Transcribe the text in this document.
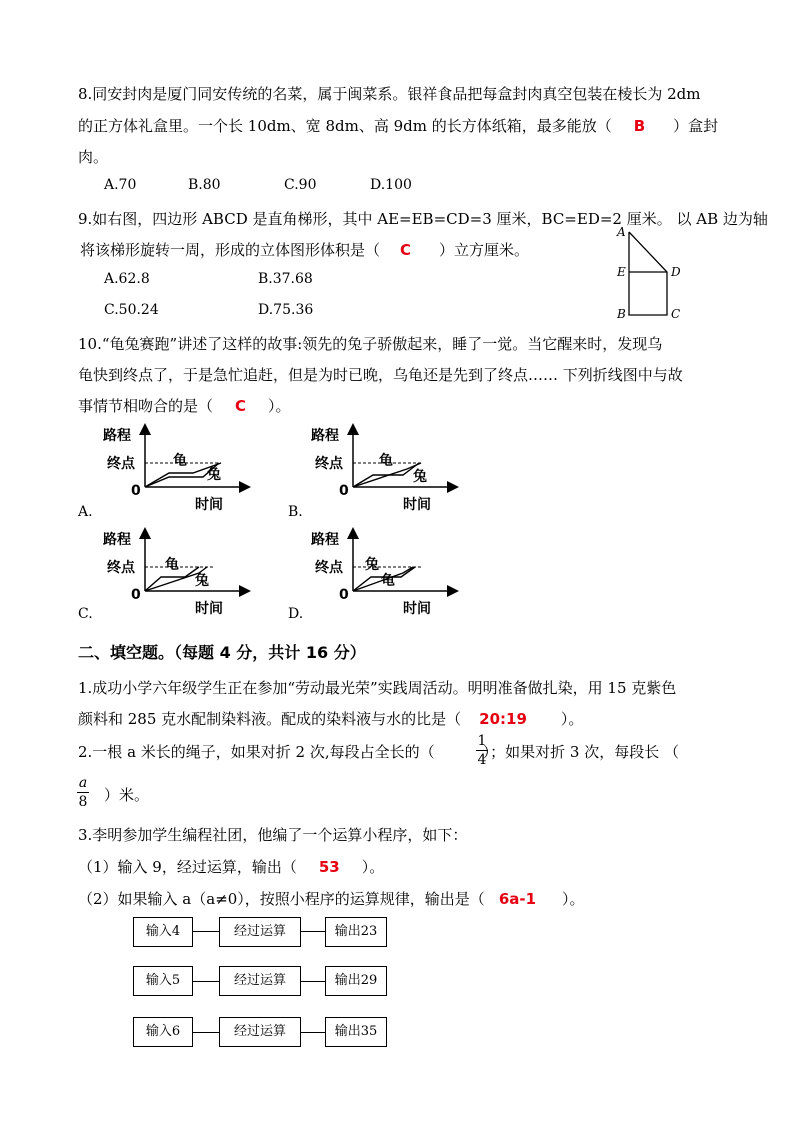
8.同安封肉是厦门同安传统的名菜，属于闽菜系。银祥食品把每盒封肉真空包装在棱长为 2dm
的正方体礼盒里。一个长 10dm、宽 8dm、高 9dm 的长方体纸箱，最多能放（ B ）盒封
肉。
A.70	B.80	C.90	D.100
9.如右图，四边形 ABCD 是直角梯形，其中 AE=EB=CD=3 厘米，BC=ED=2 厘米。 以 AB 边为轴
将该梯形旋转一周，形成的立体图形体积是（ C ）立方厘米。
A.62.8	B.37.68
C.50.24	D.75.36
A
E
B
D
C
10.“龟兔赛跑”讲述了这样的故事:领先的兔子骄傲起来，睡了一觉。当它醒来时，发现乌
龟快到终点了，于是急忙追赶，但是为时已晚，乌龟还是先到了终点…… 下列折线图中与故
事情节相吻合的是（ C ）。
路程
终点
0
时间
龟
兔
A.
路程
终点
0
时间
龟
兔
B.
路程
终点
0
时间
龟
兔
C.
路程
终点
0
时间
兔
龟
D.
二、填空题。（每题 4 分，共计 16 分）
1.成功小学六年级学生正在参加“劳动最光荣”实践周活动。明明准备做扎染，用 15 克紫色
颜料和 285 克水配制染料液。配成的染料液与水的比是（ 20:19 ）。
2.一根 a 米长的绳子，如果对折 2 次,每段占全长的（	）；如果对折 3 次，每段长 （
1
4
a
8 ）米。
3.李明参加学生编程社团，他编了一个运算小程序，如下：
（1）输入 9，经过运算，输出（ 53 ）。
（2）如果输入 a（a≠0），按照小程序的运算规律，输出是（ 6a-1 ）。
输入4	经过运算	输出23
输入5	经过运算	输出29
输入6	经过运算	输出35
